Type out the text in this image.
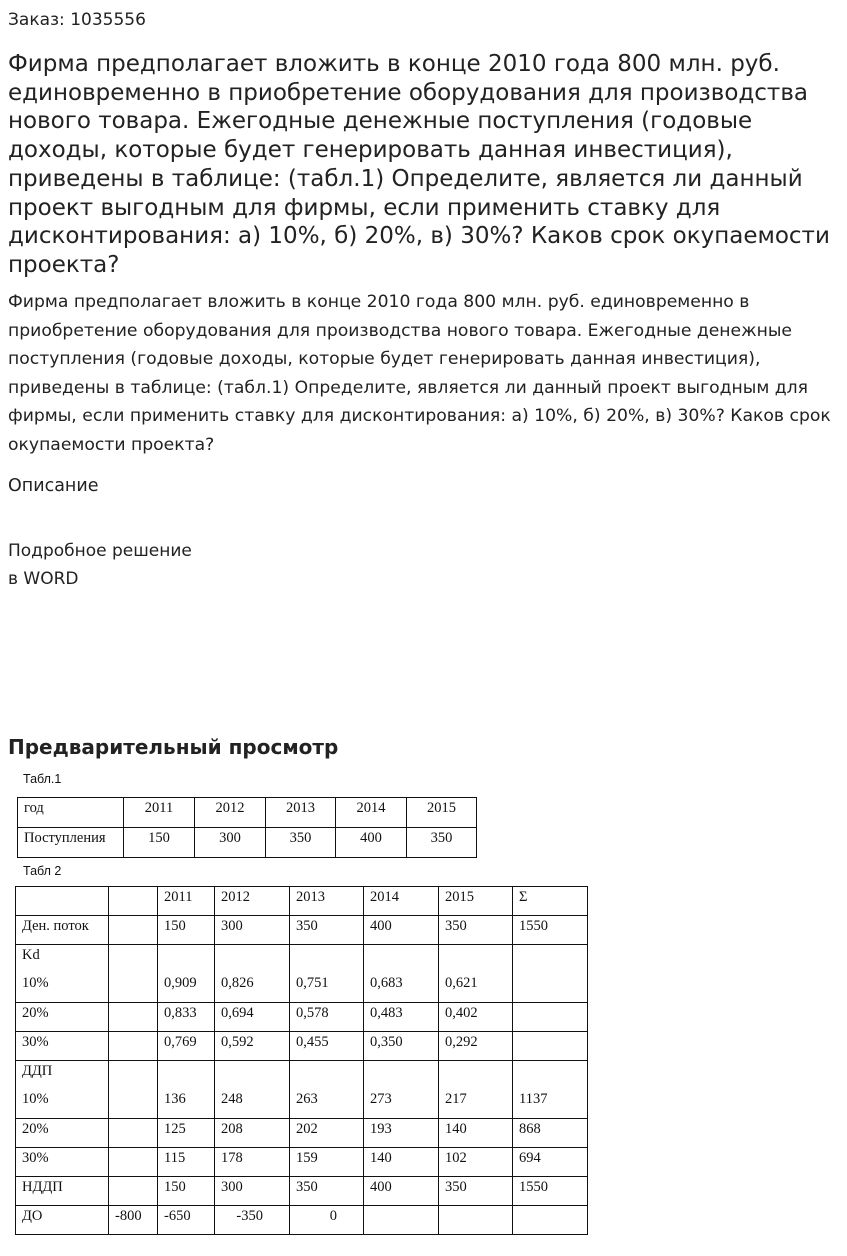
Заказ: 1035556
Фирма предполагает вложить в конце 2010 года 800 млн. руб. единовременно в приобретение оборудования для производства нового товара. Ежегодные денежные поступления (годовые доходы, которые будет генерировать данная инвестиция), приведены в таблице: (табл.1) Определите, является ли данный проект выгодным для фирмы, если применить ставку для дисконтирования: а) 10%, б) 20%, в) 30%? Каков срок окупаемости проекта?

Фирма предполагает вложить в конце 2010 года 800 млн. руб. единовременно в приобретение оборудования для производства нового товара. Ежегодные денежные поступления (годовые доходы, которые будет генерировать данная инвестиция), приведены в таблице: (табл.1) Определите, является ли данный проект выгодным для фирмы, если применить ставку для дисконтирования: а) 10%, б) 20%, в) 30%? Каков срок окупаемости проекта?

Описание
Подробное решение
в WORD
Предварительный просмотр
Табл.1
год	2011	2012	2013	2014	2015
Поступления	150	300	350	400	350
Табл 2
		2011	2012	2013	2014	2015	Σ
Ден. поток		150	300	350	400	350	1550
Kd
10%		0,909	0,826	0,751	0,683	0,621	

20%		0,833	0,694	0,578	0,483	0,402	
30%		0,769	0,592	0,455	0,350	0,292	
ДДП
10%		136	248	263	273	217	1137

20%		125	208	202	193	140	868
30%		115	178	159	140	102	694
НДДП		150	300	350	400	350	1550
ДО	-800	-650	-350	0			
